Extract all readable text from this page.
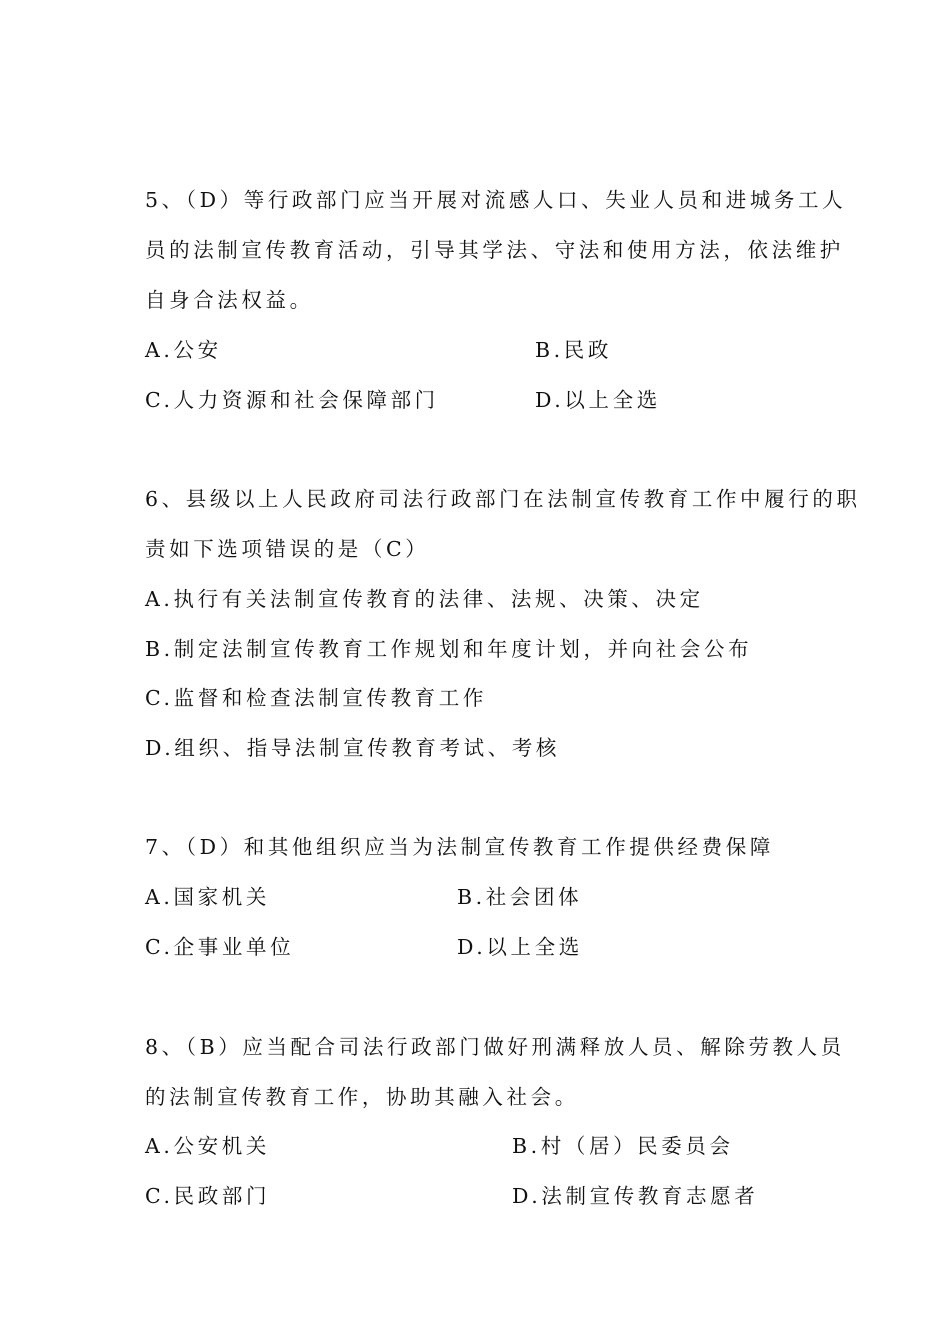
5、（D）等行政部门应当开展对流感人口、失业人员和进城务工人
员的法制宣传教育活动，引导其学法、守法和使用方法，依法维护
自身合法权益。
A.公安	B.民政
C.人力资源和社会保障部门	D.以上全选
6、县级以上人民政府司法行政部门在法制宣传教育工作中履行的职
责如下选项错误的是（C）
A.执行有关法制宣传教育的法律、法规、决策、决定
B.制定法制宣传教育工作规划和年度计划，并向社会公布
C.监督和检查法制宣传教育工作
D.组织、指导法制宣传教育考试、考核
7、（D）和其他组织应当为法制宣传教育工作提供经费保障
A.国家机关	B.社会团体
C.企事业单位	D.以上全选
8、（B）应当配合司法行政部门做好刑满释放人员、解除劳教人员
的法制宣传教育工作，协助其融入社会。
A.公安机关	B.村（居）民委员会
C.民政部门	D.法制宣传教育志愿者
